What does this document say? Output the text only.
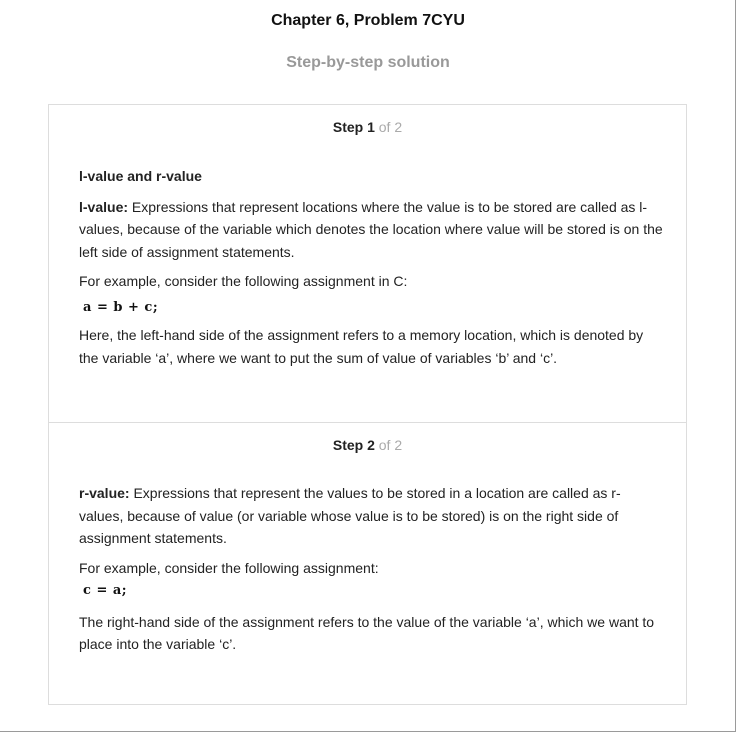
Chapter 6, Problem 7CYU
Step-by-step solution
Step 1 of 2

l-value and r-value

l-value: Expressions that represent locations where the value is to be stored are called as l-values, because of the variable which denotes the location where value will be stored is on the left side of assignment statements.

For example, consider the following assignment in C:

a = b + c;

Here, the left-hand side of the assignment refers to a memory location, which is denoted by the variable ‘a’, where we want to put the sum of value of variables ‘b’ and ‘c’.

Step 2 of 2

r-value: Expressions that represent the values to be stored in a location are called as r-values, because of value (or variable whose value is to be stored) is on the right side of assignment statements.

For example, consider the following assignment:

c = a;

The right-hand side of the assignment refers to the value of the variable ‘a’, which we want to place into the variable ‘c’.
